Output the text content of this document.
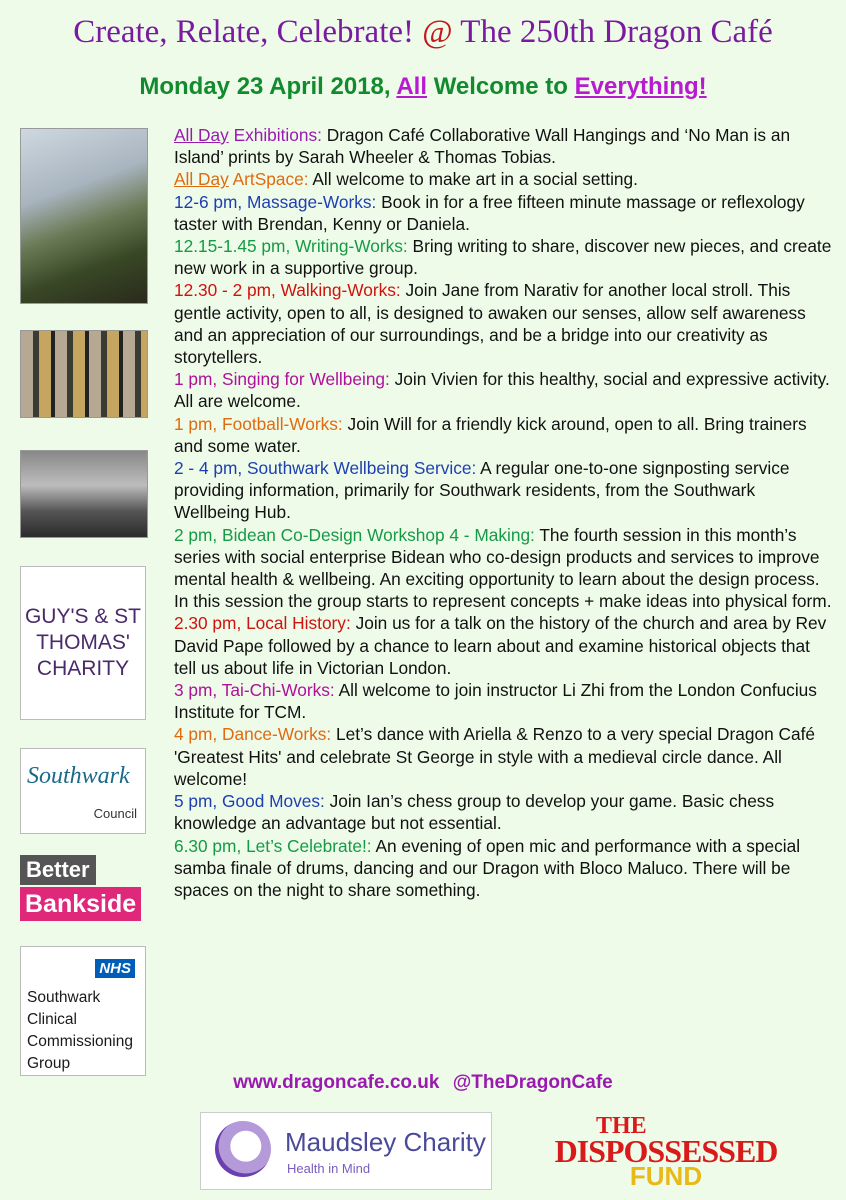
Create, Relate, Celebrate! @ The 250th Dragon Café
Monday 23 April 2018, All Welcome to Everything!
GUY'S & ST THOMAS' CHARITY
Southwark
Council
Better
Bankside
NHS
Southwark Clinical Commissioning Group

All Day Exhibitions: Dragon Café Collaborative Wall Hangings and ‘No Man is an Island’ prints by Sarah Wheeler & Thomas Tobias.

All Day ArtSpace: All welcome to make art in a social setting.

12-6 pm, Massage-Works: Book in for a free fifteen minute massage or reflexology taster with Brendan, Kenny or Daniela.

12.15-1.45 pm, Writing-Works: Bring writing to share, discover new pieces, and create new work in a supportive group.

12.30 - 2 pm, Walking-Works: Join Jane from Narativ for another local stroll. This gentle activity, open to all, is designed to awaken our senses, allow self awareness and an appreciation of our surroundings, and be a bridge into our creativity as storytellers.

1 pm, Singing for Wellbeing: Join Vivien for this healthy, social and expressive activity. All are welcome.

1 pm, Football-Works: Join Will for a friendly kick around, open to all. Bring trainers and some water.

2 - 4 pm, Southwark Wellbeing Service: A regular one-to-one signposting service providing information, primarily for Southwark residents, from the Southwark Wellbeing Hub.

2 pm, Bidean Co-Design Workshop 4 - Making: The fourth session in this month’s series with social enterprise Bidean who co-design products and services to improve mental health & wellbeing. An exciting opportunity to learn about the design process. In this session the group starts to represent concepts + make ideas into physical form.

2.30 pm, Local History: Join us for a talk on the history of the church and area by Rev David Pape followed by a chance to learn about and examine historical objects that tell us about life in Victorian London.

3 pm, Tai-Chi-Works: All welcome to join instructor Li Zhi from the London Confucius Institute for TCM.

4 pm, Dance-Works: Let’s dance with Ariella & Renzo to a very special Dragon Café 'Greatest Hits' and celebrate St George in style with a medieval circle dance. All welcome!

5 pm, Good Moves: Join Ian’s chess group to develop your game. Basic chess knowledge an advantage but not essential.

6.30 pm, Let’s Celebrate!: An evening of open mic and performance with a special samba finale of drums, dancing and our Dragon with Bloco Maluco. There will be spaces on the night to share something.

www.dragoncafe.co.uk @TheDragonCafe
Maudsley Charity
Health in Mind
THE
DISPOSSESSED
FUND
